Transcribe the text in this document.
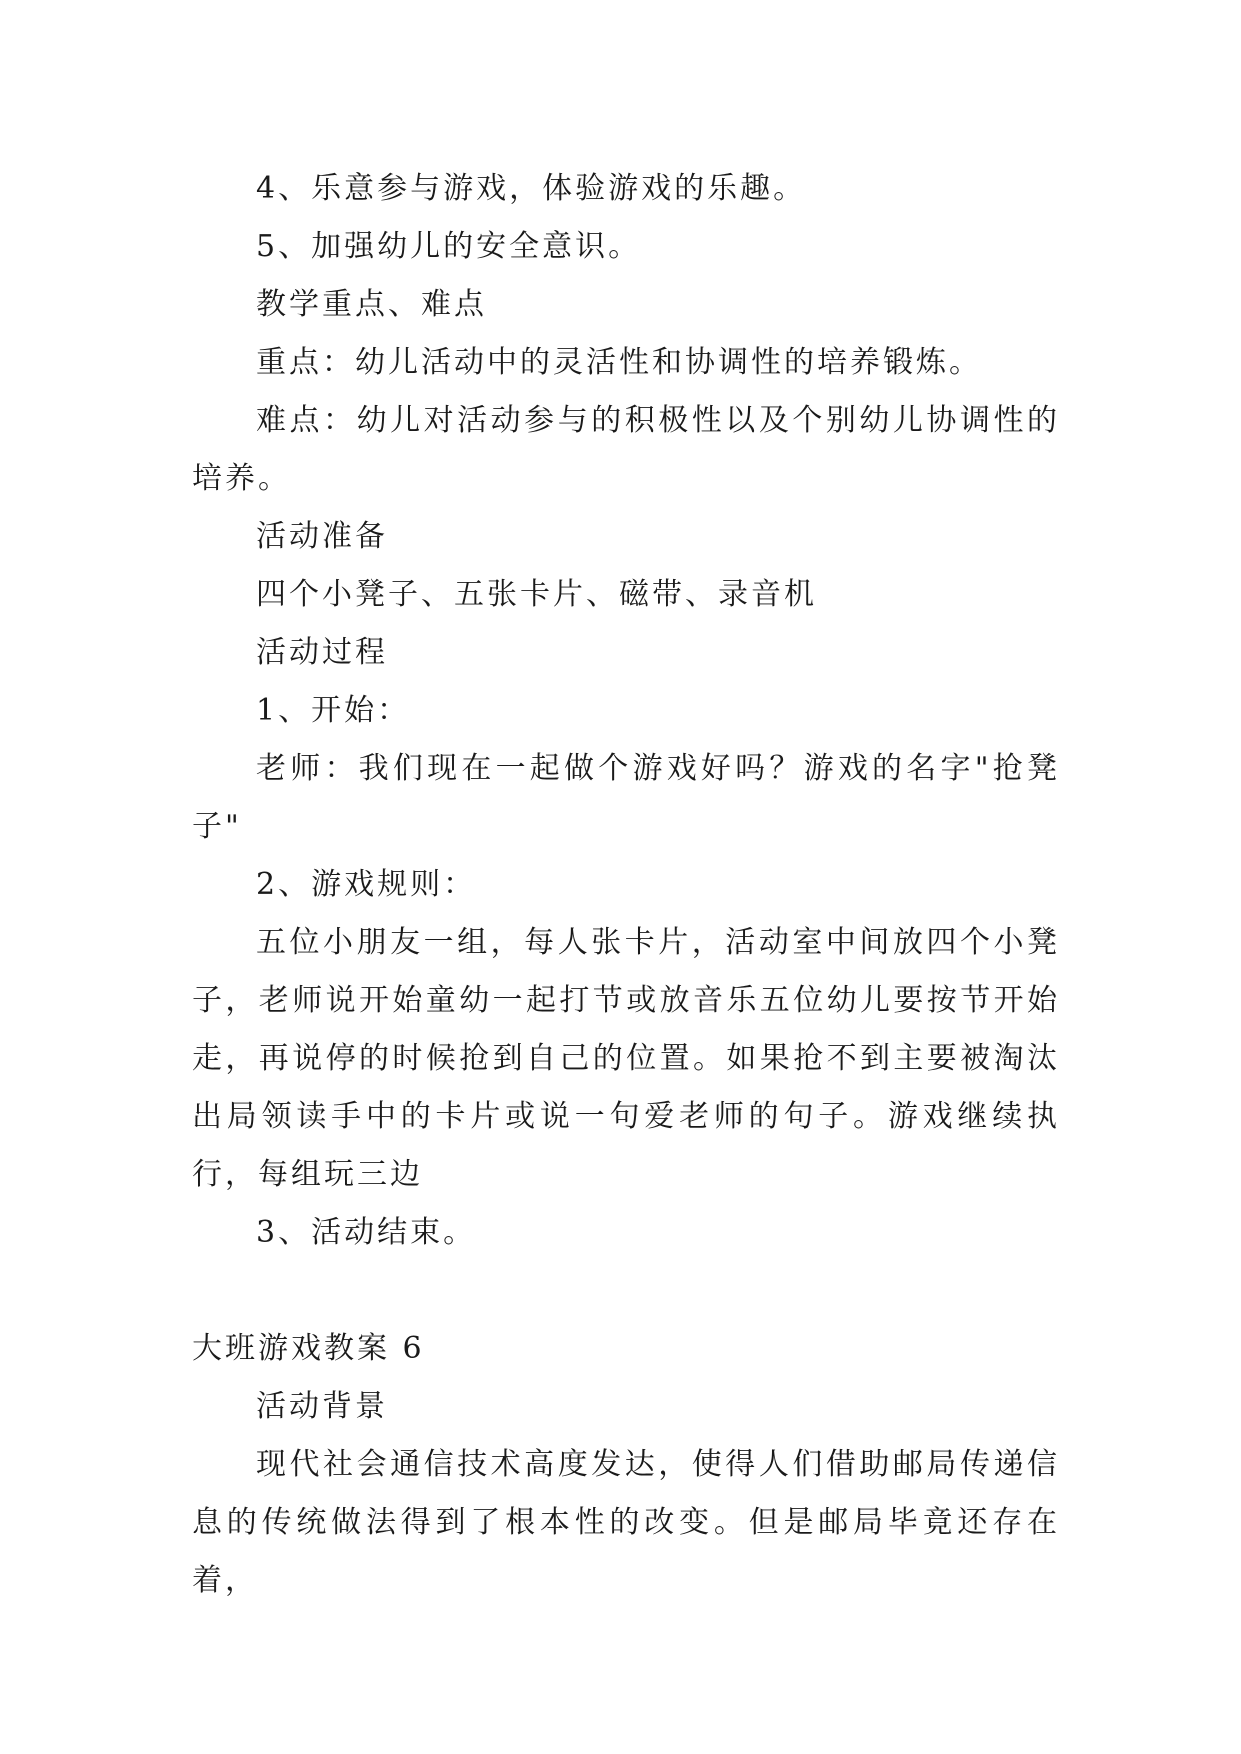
4、乐意参与游戏，体验游戏的乐趣。

5、加强幼儿的安全意识。

教学重点、难点

重点：幼儿活动中的灵活性和协调性的培养锻炼。

难点：幼儿对活动参与的积极性以及个别幼儿协调性的培养。

活动准备

四个小凳子、五张卡片、磁带、录音机

活动过程

1、开始：

老师：我们现在一起做个游戏好吗？游戏的名字"抢凳子"

2、游戏规则：

五位小朋友一组，每人张卡片，活动室中间放四个小凳子，老师说开始童幼一起打节或放音乐五位幼儿要按节开始走，再说停的时候抢到自己的位置。如果抢不到主要被淘汰出局领读手中的卡片或说一句爱老师的句子。游戏继续执行，每组玩三边

3、活动结束。

大班游戏教案 6

活动背景

现代社会通信技术高度发达，使得人们借助邮局传递信息的传统做法得到了根本性的改变。但是邮局毕竟还存在着，
